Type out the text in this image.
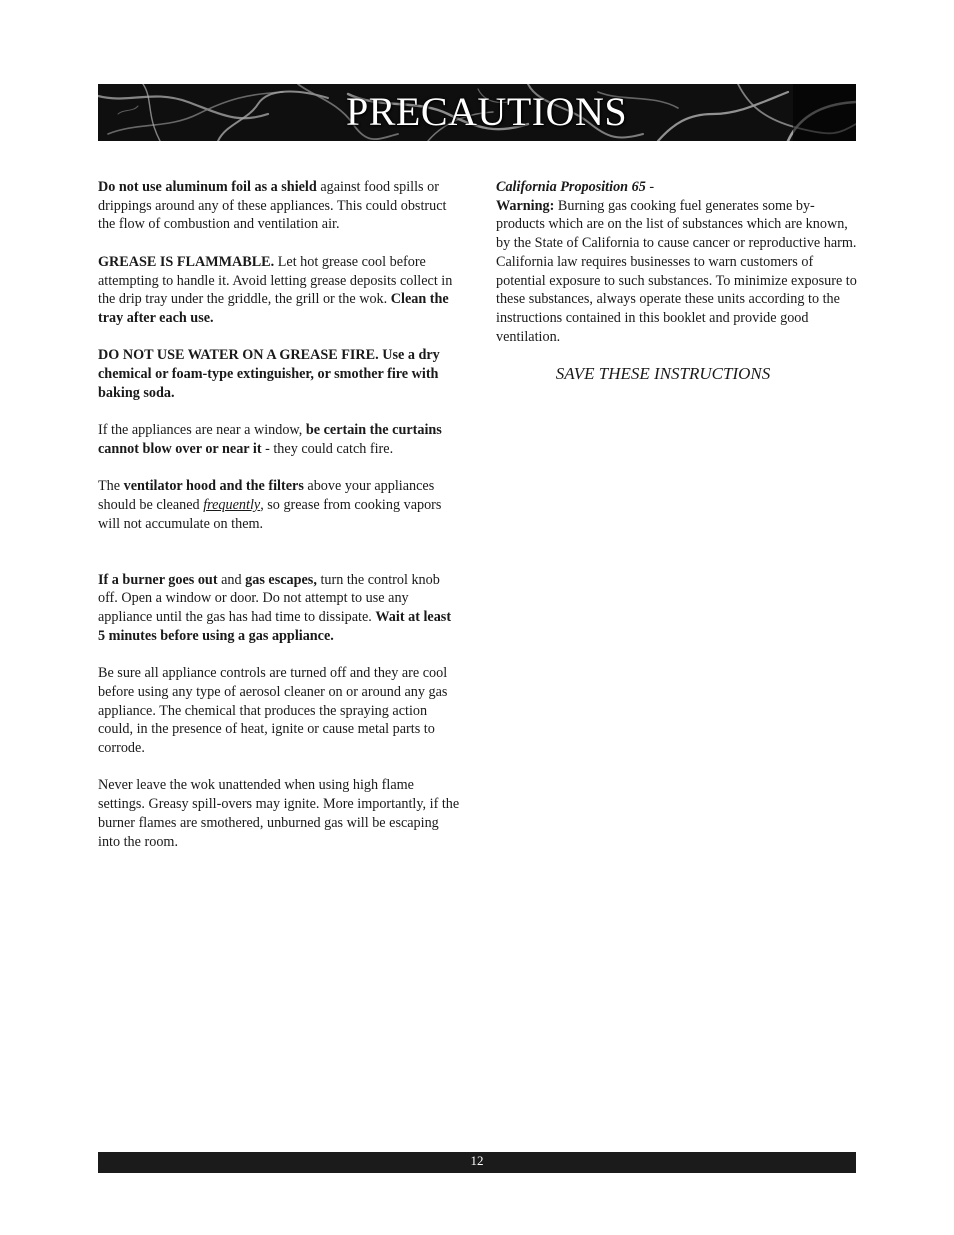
PRECAUTIONS

Do not use aluminum foil as a shield against food spills or drippings around any of these appliances. This could obstruct the flow of combustion and ventilation air.

GREASE IS FLAMMABLE. Let hot grease cool before attempting to handle it. Avoid letting grease deposits collect in the drip tray under the griddle, the grill or the wok. Clean the tray after each use.

DO NOT USE WATER ON A GREASE FIRE. Use a dry chemical or foam-type extinguisher, or smother fire with baking soda.

If the appliances are near a window, be certain the curtains cannot blow over or near it - they could catch fire.

The ventilator hood and the filters above your appliances should be cleaned frequently, so grease from cooking vapors will not accumulate on them.

If a burner goes out and gas escapes, turn the control knob off. Open a window or door. Do not attempt to use any appliance until the gas has had time to dissipate. Wait at least 5 minutes before using a gas appliance.

Be sure all appliance controls are turned off and they are cool before using any type of aerosol cleaner on or around any gas appliance. The chemical that produces the spraying action could, in the presence of heat, ignite or cause metal parts to corrode.

Never leave the wok unattended when using high flame settings. Greasy spill-overs may ignite. More importantly, if the burner flames are smothered, unburned gas will be escaping into the room.

California Proposition 65 -
Warning: Burning gas cooking fuel generates some by-products which are on the list of substances which are known, by the State of California to cause cancer or reproductive harm. California law requires businesses to warn customers of potential exposure to such substances. To minimize exposure to these substances, always operate these units according to the instructions contained in this booklet and provide good ventilation.

SAVE THESE INSTRUCTIONS
12
